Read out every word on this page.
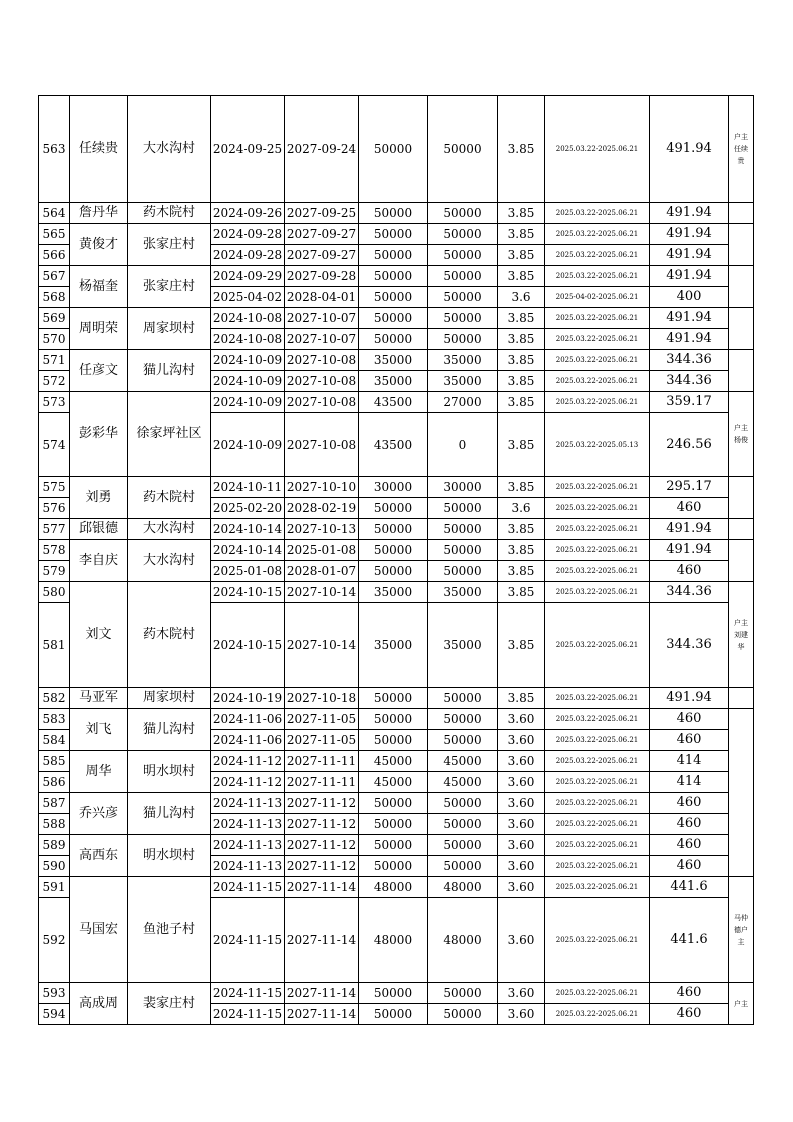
563	任续贵	大水沟村	2024-09-25	2027-09-24	50000	50000	3.85	2025.03.22-2025.06.21	491.94	户主任续贵
564	詹丹华	药木院村	2024-09-26	2027-09-25	50000	50000	3.85	2025.03.22-2025.06.21	491.94	
565	黄俊才	张家庄村	2024-09-28	2027-09-27	50000	50000	3.85	2025.03.22-2025.06.21	491.94	
566			2024-09-28	2027-09-27	50000	50000	3.85	2025.03.22-2025.06.21	491.94	
567	杨福奎	张家庄村	2024-09-29	2027-09-28	50000	50000	3.85	2025.03.22-2025.06.21	491.94	
568			2025-04-02	2028-04-01	50000	50000	3.6	2025-04-02-2025.06.21	400	
569	周明荣	周家坝村	2024-10-08	2027-10-07	50000	50000	3.85	2025.03.22-2025.06.21	491.94	
570			2024-10-08	2027-10-07	50000	50000	3.85	2025.03.22-2025.06.21	491.94	
571	任彦文	猫儿沟村	2024-10-09	2027-10-08	35000	35000	3.85	2025.03.22-2025.06.21	344.36	
572			2024-10-09	2027-10-08	35000	35000	3.85	2025.03.22-2025.06.21	344.36	
573	彭彩华	徐家坪社区	2024-10-09	2027-10-08	43500	27000	3.85	2025.03.22-2025.06.21	359.17	户主杨俊
574			2024-10-09	2027-10-08	43500	0	3.85	2025.03.22-2025.05.13	246.56	
575	刘勇	药木院村	2024-10-11	2027-10-10	30000	30000	3.85	2025.03.22-2025.06.21	295.17	
576			2025-02-20	2028-02-19	50000	50000	3.6	2025.03.22-2025.06.21	460	
577	邱银德	大水沟村	2024-10-14	2027-10-13	50000	50000	3.85	2025.03.22-2025.06.21	491.94	
578	李自庆	大水沟村	2024-10-14	2025-01-08	50000	50000	3.85	2025.03.22-2025.06.21	491.94	
579			2025-01-08	2028-01-07	50000	50000	3.85	2025.03.22-2025.06.21	460	
580	刘文	药木院村	2024-10-15	2027-10-14	35000	35000	3.85	2025.03.22-2025.06.21	344.36	户主刘建华
581			2024-10-15	2027-10-14	35000	35000	3.85	2025.03.22-2025.06.21	344.36	
582	马亚军	周家坝村	2024-10-19	2027-10-18	50000	50000	3.85	2025.03.22-2025.06.21	491.94	
583	刘飞	猫儿沟村	2024-11-06	2027-11-05	50000	50000	3.60	2025.03.22-2025.06.21	460	
584			2024-11-06	2027-11-05	50000	50000	3.60	2025.03.22-2025.06.21	460	
585	周华	明水坝村	2024-11-12	2027-11-11	45000	45000	3.60	2025.03.22-2025.06.21	414	
586			2024-11-12	2027-11-11	45000	45000	3.60	2025.03.22-2025.06.21	414	
587	乔兴彦	猫儿沟村	2024-11-13	2027-11-12	50000	50000	3.60	2025.03.22-2025.06.21	460	
588			2024-11-13	2027-11-12	50000	50000	3.60	2025.03.22-2025.06.21	460	
589	高西东	明水坝村	2024-11-13	2027-11-12	50000	50000	3.60	2025.03.22-2025.06.21	460	
590			2024-11-13	2027-11-12	50000	50000	3.60	2025.03.22-2025.06.21	460	
591	马国宏	鱼池子村	2024-11-15	2027-11-14	48000	48000	3.60	2025.03.22-2025.06.21	441.6	马仲德户主
592			2024-11-15	2027-11-14	48000	48000	3.60	2025.03.22-2025.06.21	441.6	
593	高成周	裴家庄村	2024-11-15	2027-11-14	50000	50000	3.60	2025.03.22-2025.06.21	460	户主
594			2024-11-15	2027-11-14	50000	50000	3.60	2025.03.22-2025.06.21	460	
